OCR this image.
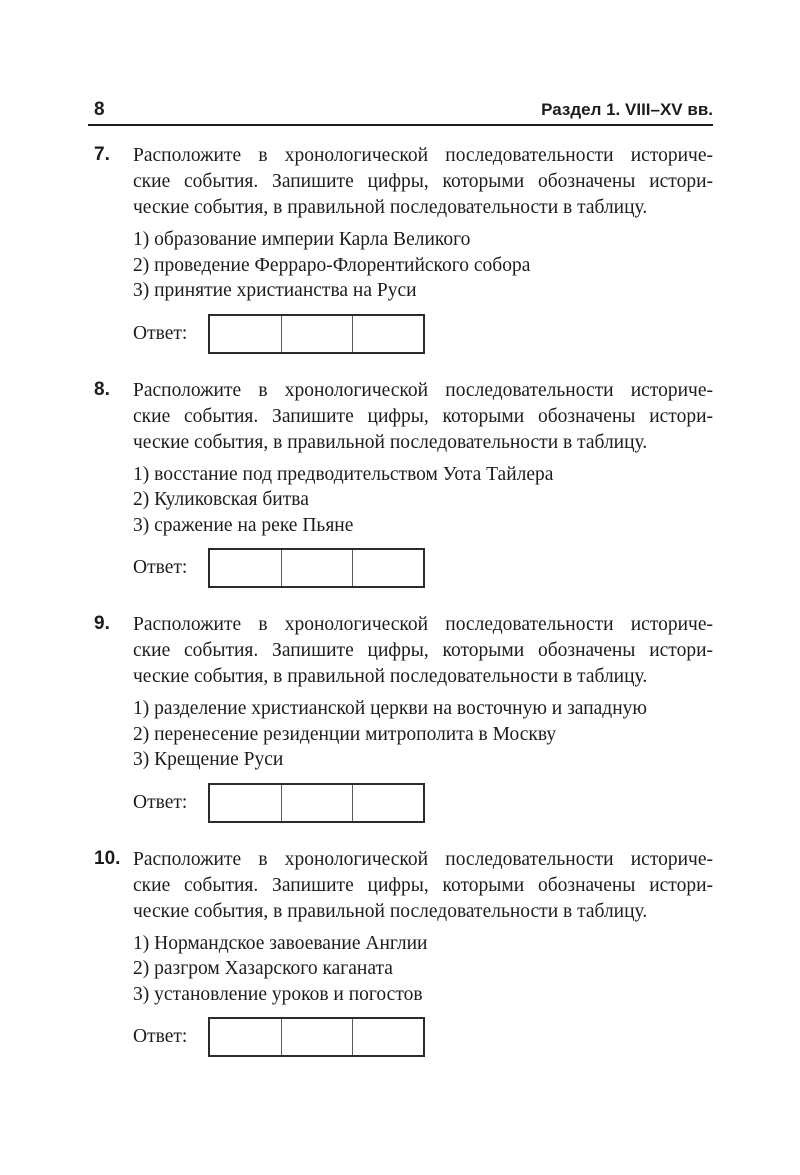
8	Раздел 1. VIII–XV вв.
7.	Расположите в хронологической последовательности историче-
ские события. Запишите цифры, которыми обозначены истори-
ческие события, в правильной последовательности в таблицу.
1) образование империи Карла Великого
2) проведение Ферраро-Флорентийского собора
3) принятие христианства на Руси
Ответ:
8.	Расположите в хронологической последовательности историче-
ские события. Запишите цифры, которыми обозначены истори-
ческие события, в правильной последовательности в таблицу.
1) восстание под предводительством Уота Тайлера
2) Куликовская битва
3) сражение на реке Пьяне
Ответ:
9.	Расположите в хронологической последовательности историче-
ские события. Запишите цифры, которыми обозначены истори-
ческие события, в правильной последовательности в таблицу.
1) разделение христианской церкви на восточную и западную
2) перенесение резиденции митрополита в Москву
3) Крещение Руси
Ответ:
10. Расположите в хронологической последовательности историче-
ские события. Запишите цифры, которыми обозначены истори-
ческие события, в правильной последовательности в таблицу.
1) Нормандское завоевание Англии
2) разгром Хазарского каганата
3) установление уроков и погостов
Ответ:
